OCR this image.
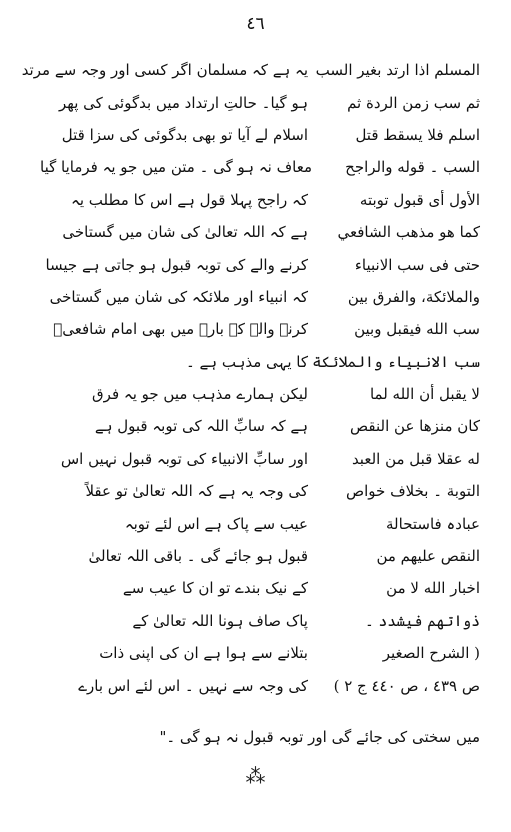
٤٦
المسلم اذا ارتد بغير السب
یہ ہے کہ مسلمان اگر کسی اور وجہ سے مرتد
ثم سب زمن الردة ثم
ہو گیا۔ حالتِ ارتداد میں بدگوئی کی پھر
اسلم فلا یسقط قتل
اسلام لے آیا تو بھی بدگوئی کی سزا قتل
السب ۔ قوله والراجح
معاف نہ ہو گی ۔ متن میں جو یہ فرمایا گیا
الأول أی قبول توبته
کہ راجح پہلا قول ہے اس کا مطلب یہ
کما هو مذهب الشافعي
ہے کہ اللہ تعالیٰ کی شان میں گستاخی
حتی فی سب الانبیاء
کرنے والے کی توبہ قبول ہو جاتی ہے جیسا
والملائکة، والفرق بین
کہ انبیاء اور ملائکہ کی شان میں گستاخی
سب الله فیقبل وبین
کرنے والے کے بارے میں بھی امام شافعیؒ
سب الانبیاء والملائکة ۔
کا یہی مذہب ہے ۔
لا یقبل أن الله لما
لیکن ہمارے مذہب میں جو یہ فرق
کان منزها عن النقص
ہے کہ سابِّ اللہ کی توبہ قبول ہے
له عقلا قبل من العبد
اور سابِّ الانبیاء کی توبہ قبول نہیں اس
التوبة ۔ بخلاف خواص
کی وجہ یہ ہے کہ اللہ تعالیٰ تو عقلاً
عبادہ فاستحالة
عیب سے پاک ہے اس لئے توبہ
النقص علیهم من
قبول ہو جائے گی ۔ باقی اللہ تعالیٰ
اخبار الله لا من
کے نیک بندے تو ان کا عیب سے
ذواتهم فیشدد ۔
پاک صاف ہونا اللہ تعالیٰ کے
( الشرح الصغیر
بتلانے سے ہوا ہے ان کی اپنی ذات
ص ٤٣٩ ، ص ٤٤٠ ج ٢ )
کی وجہ سے نہیں ۔ اس لئے اس بارے
میں سختی کی جائے گی اور توبہ قبول نہ ہو گی ۔"
⁂
